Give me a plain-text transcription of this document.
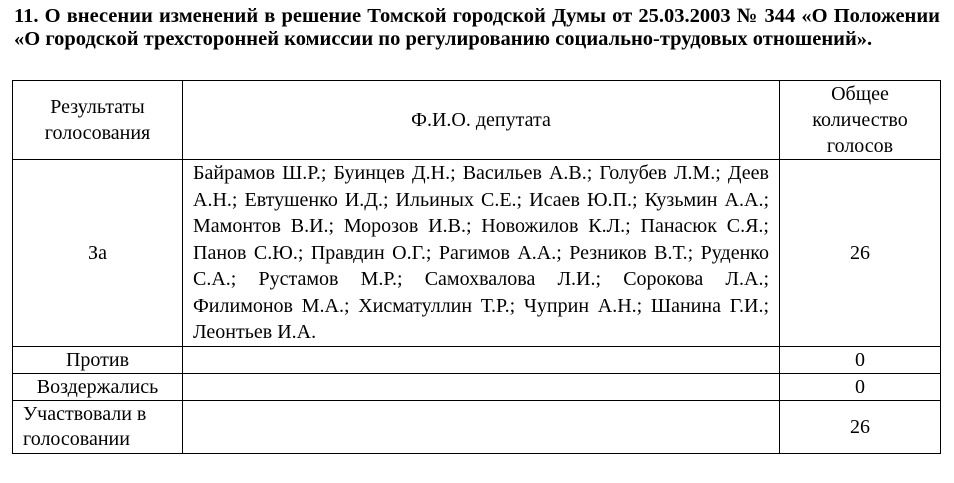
11. О внесении изменений в решение Томской городской Думы от 25.03.2003 № 344 «О Положении «О городской трехсторонней комиссии по регулированию социально-трудовых отношений».
Результаты голосования	Ф.И.О. депутата	Общее количество голосов
За	Байрамов Ш.Р.; Буинцев Д.Н.; Васильев А.В.; Голубев Л.М.; Деев А.Н.; Евтушенко И.Д.; Ильиных С.Е.; Исаев Ю.П.; Кузьмин А.А.; Мамонтов В.И.; Морозов И.В.; Новожилов К.Л.; Панасюк С.Я.; Панов С.Ю.; Правдин О.Г.; Рагимов А.А.; Резников В.Т.; Руденко С.А.; Рустамов М.Р.; Самохвалова Л.И.; Сорокова Л.А.; Филимонов М.А.; Хисматуллин Т.Р.; Чуприн А.Н.; Шанина Г.И.; Леонтьев И.А.	26
Против		0
Воздержались		0
Участвовали в голосовании		26
